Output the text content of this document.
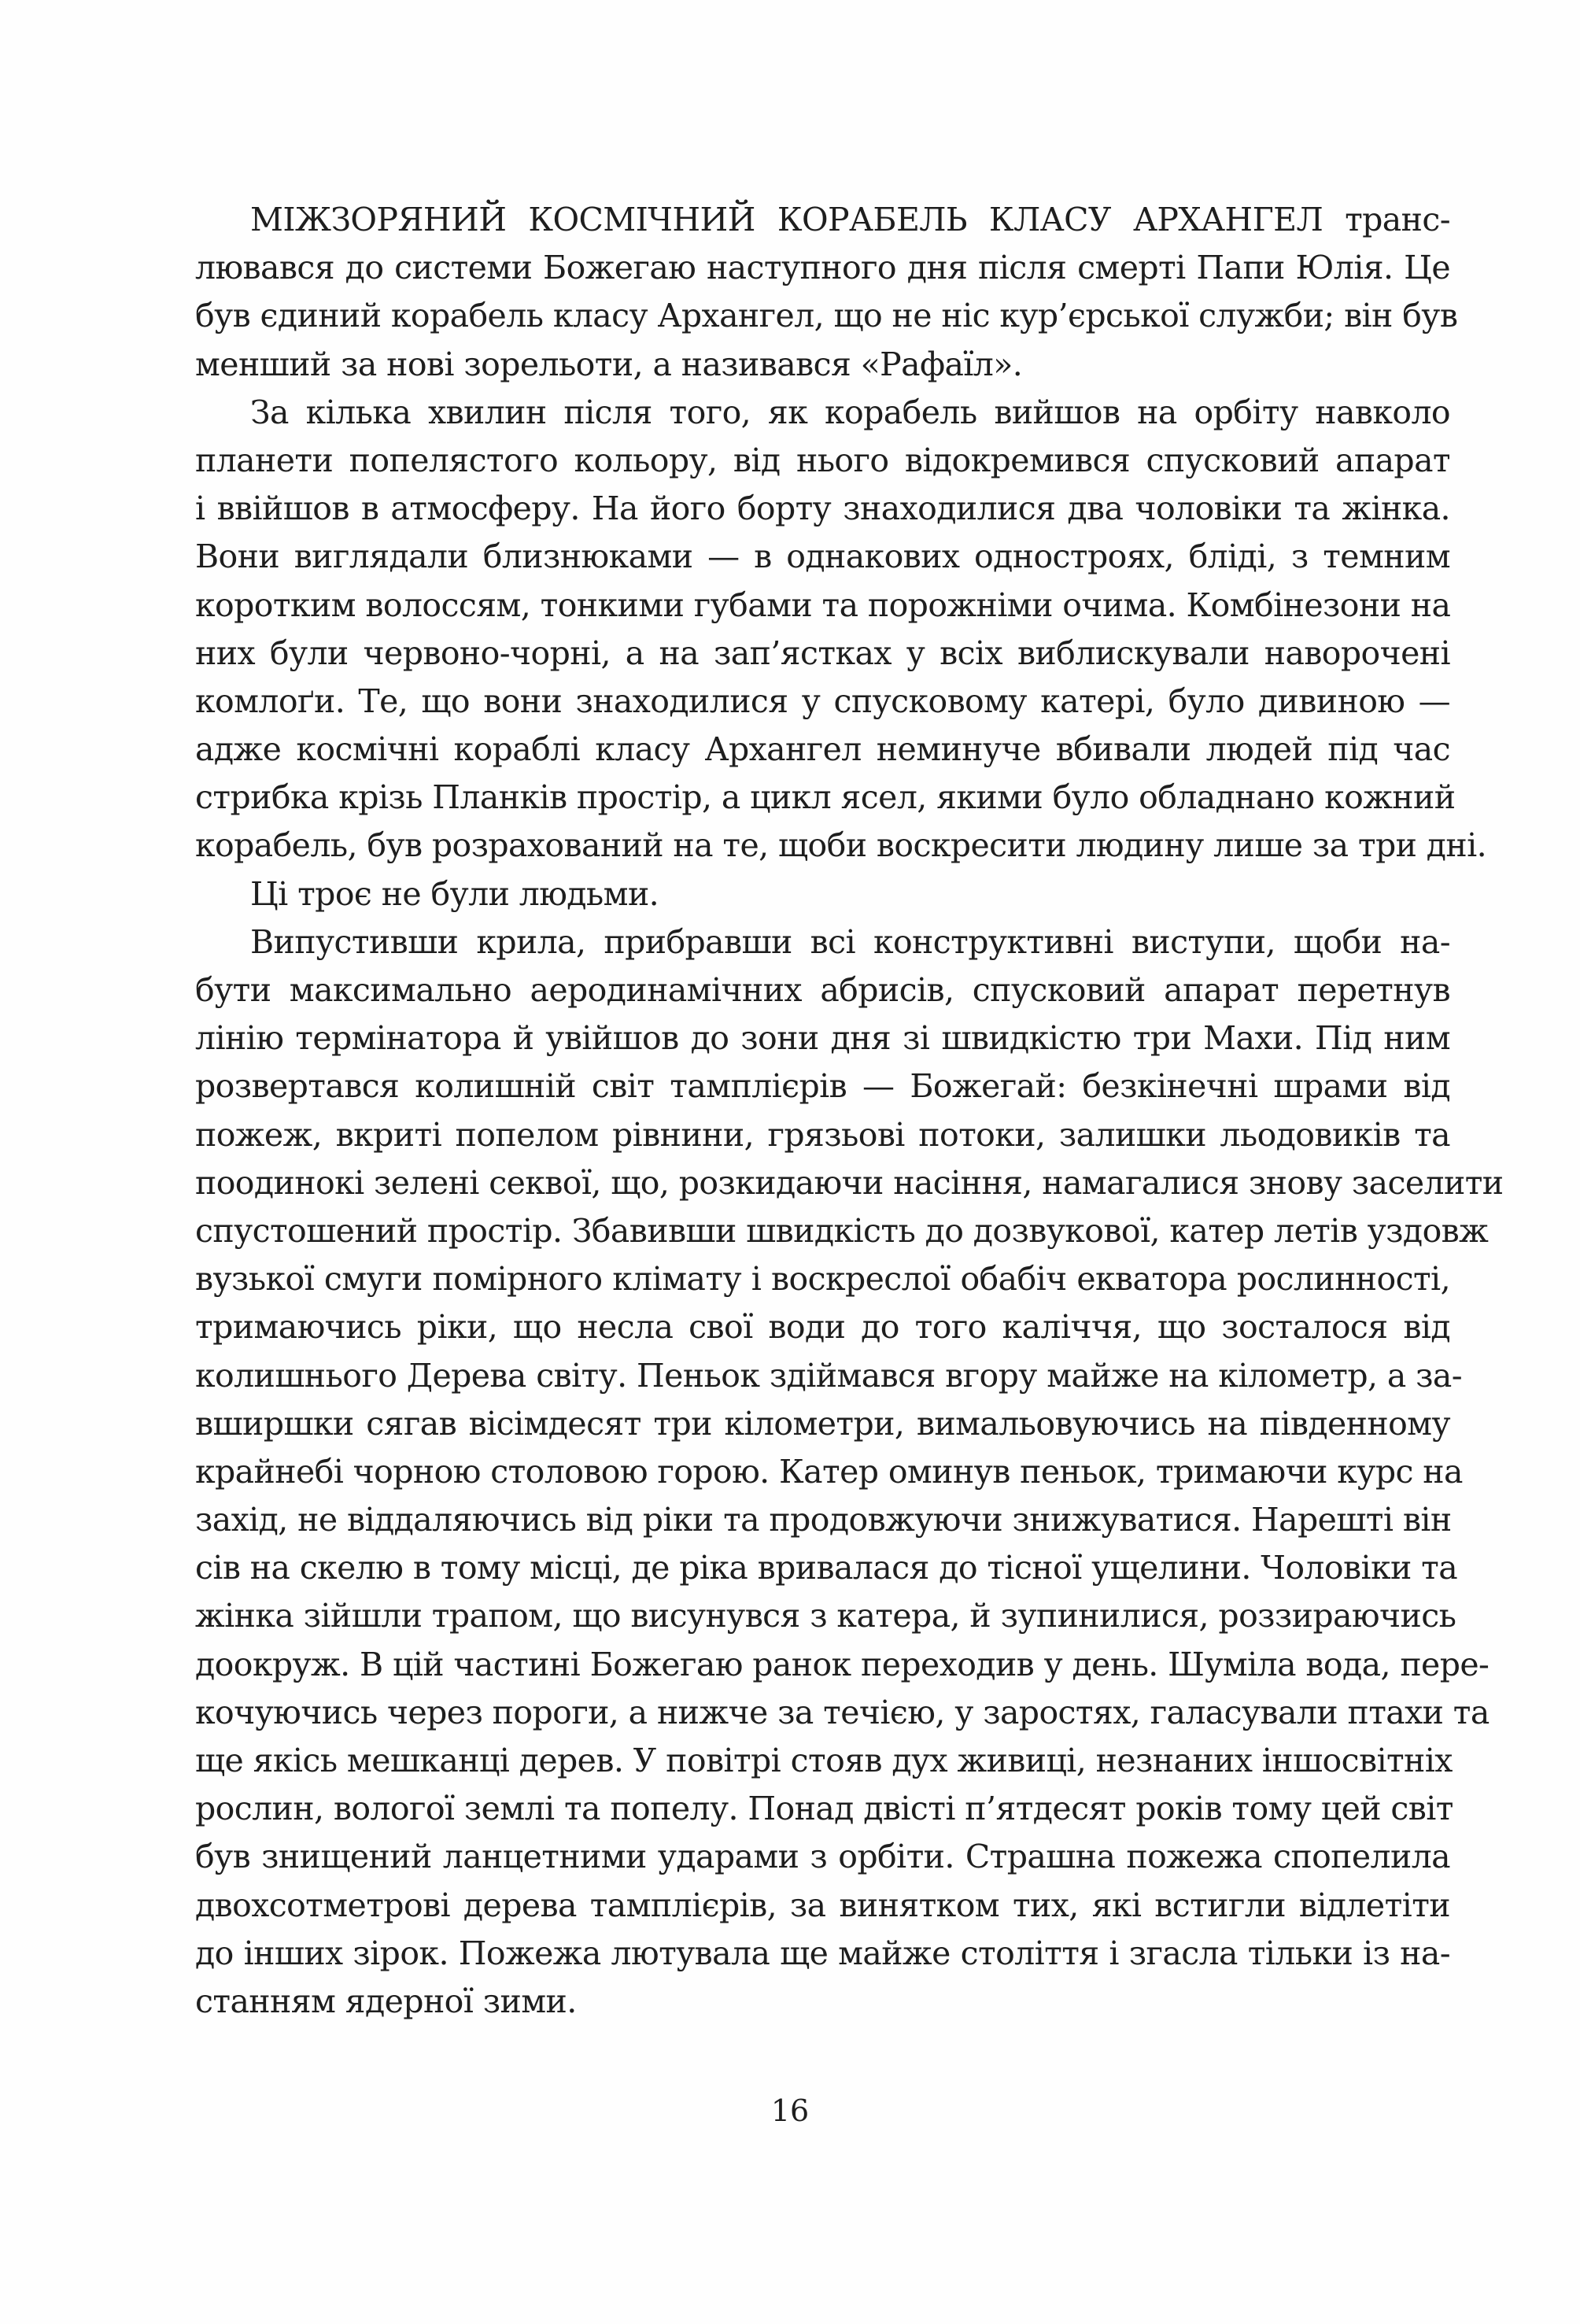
МІЖЗОРЯНИЙ КОСМІЧНИЙ КОРАБЕЛЬ КЛАСУ АРХАНГЕЛ транс-
лювався до системи Божегаю наступного дня після смерті Папи Юлія. Це
був єдиний корабель класу Архангел, що не ніс кур’єрської служби; він був
менший за нові зорельоти, а називався «Рафаїл».
За кілька хвилин після того, як корабель вийшов на орбіту навколо
планети попелястого кольору, від нього відокремився спусковий апарат
і ввійшов в атмосферу. На його борту знаходилися два чоловіки та жінка.
Вони виглядали близнюками — в однакових одностроях, бліді, з темним
коротким волоссям, тонкими губами та порожніми очима. Комбінезони на
них були червоно-чорні, а на зап’ястках у всіх виблискували навороченi
комлоґи. Те, що вони знаходилися у спусковому катері, було дивиною —
адже космічні кораблі класу Архангел неминуче вбивали людей під час
стрибка крізь Планків простір, а цикл ясел, якими було обладнано кожний
корабель, був розрахований на те, щоби воскресити людину лише за три дні.
Ці троє не були людьми.
Випустивши крила, прибравши всі конструктивні виступи, щоби на-
бути максимально аеродинамічних абрисів, спусковий апарат перетнув
лінію термінатора й увійшов до зони дня зі швидкістю три Махи. Під ним
розвертався колишній світ тамплієрів — Божегай: безкінечні шрами від
пожеж, вкриті попелом рівнини, грязьові потоки, залишки льодовиків та
поодинокі зелені секвої, що, розкидаючи насіння, намагалися знову заселити
спустошений простір. Збавивши швидкість до дозвукової, катер летів уздовж
вузької смуги помірного клімату і воскреслої обабіч екватора рослинності,
тримаючись ріки, що несла свої води до того каліччя, що зосталося від
колишнього Дерева світу. Пеньок здіймався вгору майже на кілометр, а за-
вширшки сягав вісімдесят три кілометри, вимальовуючись на південному
крайнебі чорною столовою горою. Катер оминув пеньок, тримаючи курс на
захід, не віддаляючись від ріки та продовжуючи знижуватися. Нарешті він
сів на скелю в тому місці, де ріка вривалася до тісної ущелини. Чоловіки та
жінка зійшли трапом, що висунувся з катера, й зупинилися, роззираючись
доокруж. В цій частині Божегаю ранок переходив у день. Шуміла вода, пере-
кочуючись через пороги, а нижче за течією, у заростях, галасували птахи та
ще якісь мешканці дерев. У повітрі стояв дух живиці, незнаних іншосвітніх
рослин, вологої землі та попелу. Понад двісті п’ятдесят років тому цей світ
був знищений ланцетними ударами з орбіти. Страшна пожежа спопелила
двохсотметрові дерева тамплієрів, за винятком тих, які встигли відлетіти
до інших зірок. Пожежа лютувала ще майже століття і згасла тільки із на-
станням ядерної зими.
16
